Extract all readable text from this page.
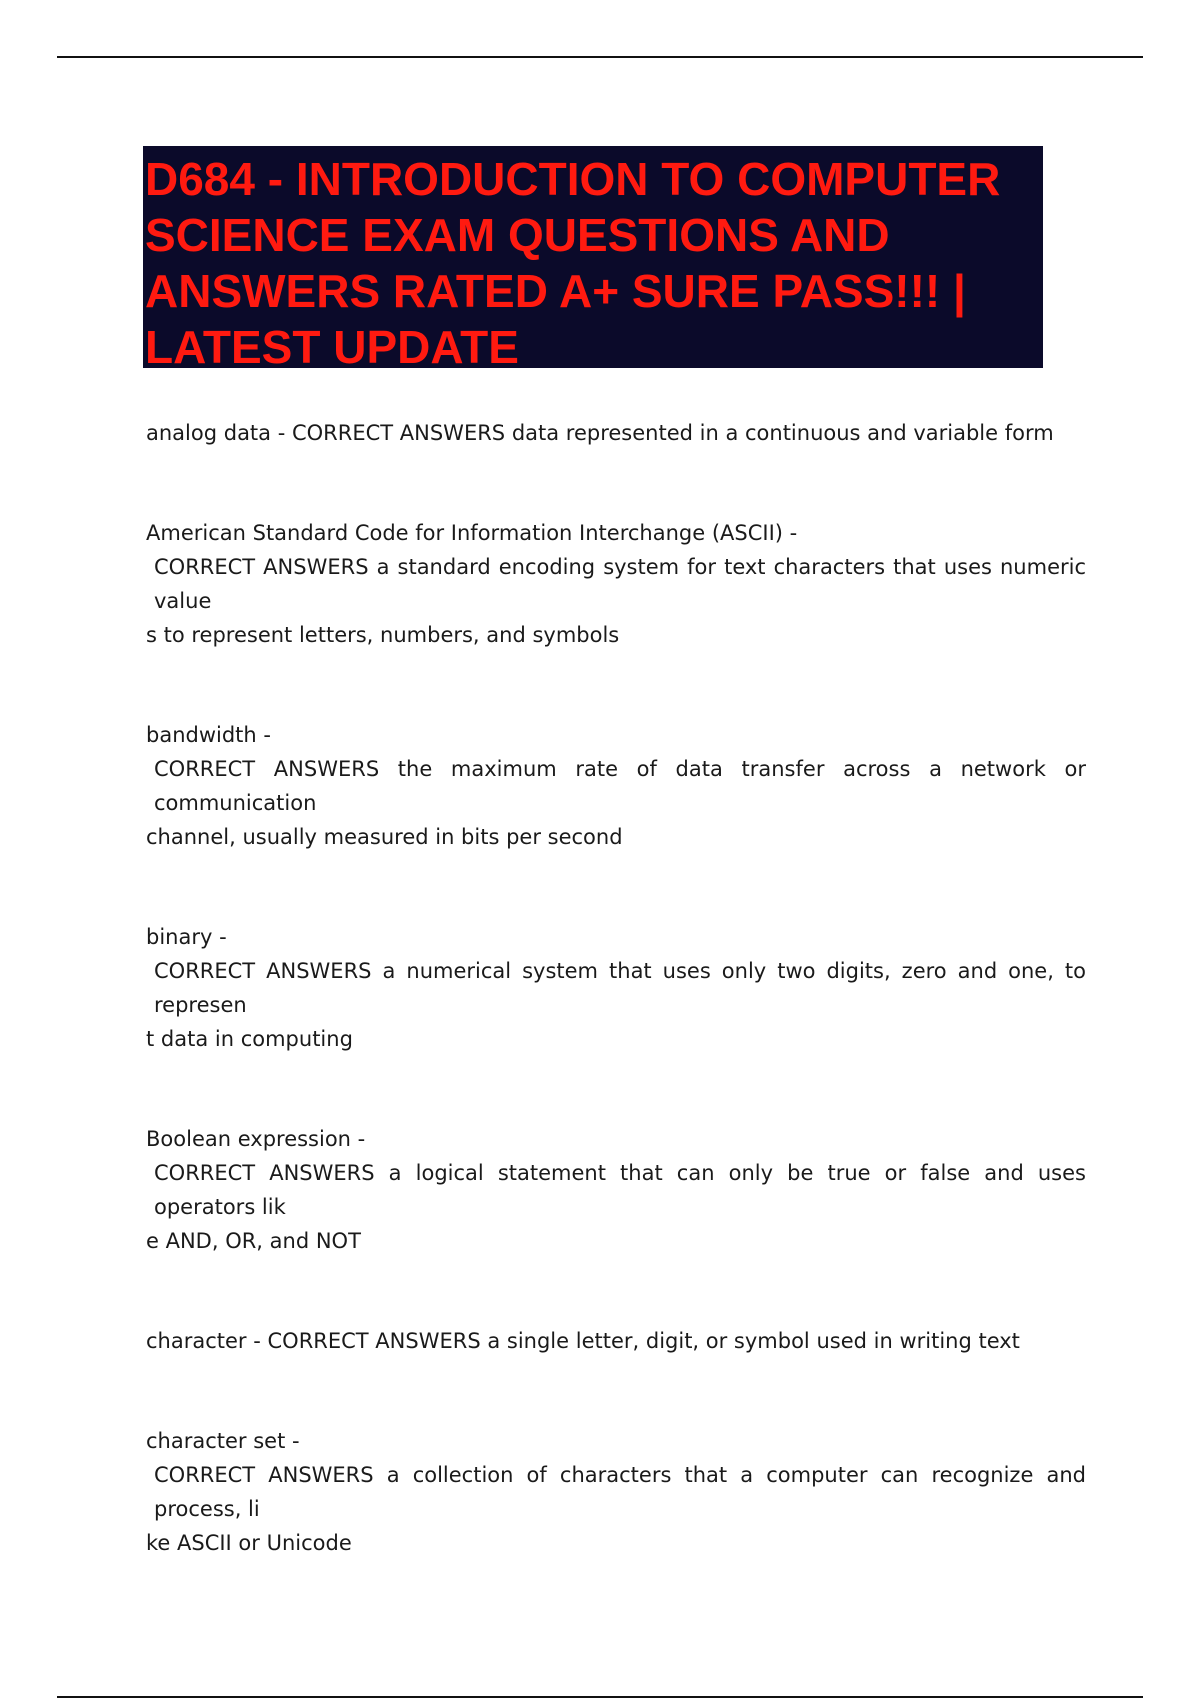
D684 - INTRODUCTION TO COMPUTER SCIENCE EXAM QUESTIONS AND ANSWERS RATED A+ SURE PASS!!! | LATEST UPDATE
analog data - CORRECT ANSWERS data represented in a continuous and variable form
American Standard Code for Information Interchange (ASCII) -
CORRECT ANSWERS a standard encoding system for text characters that uses numeric value
s to represent letters, numbers, and symbols
bandwidth -
CORRECT ANSWERS the maximum rate of data transfer across a network or communication
channel, usually measured in bits per second
binary -
CORRECT ANSWERS a numerical system that uses only two digits, zero and one, to represen
t data in computing
Boolean expression -
CORRECT ANSWERS a logical statement that can only be true or false and uses operators lik
e AND, OR, and NOT
character - CORRECT ANSWERS a single letter, digit, or symbol used in writing text
character set -
CORRECT ANSWERS a collection of characters that a computer can recognize and process, li
ke ASCII or Unicode
